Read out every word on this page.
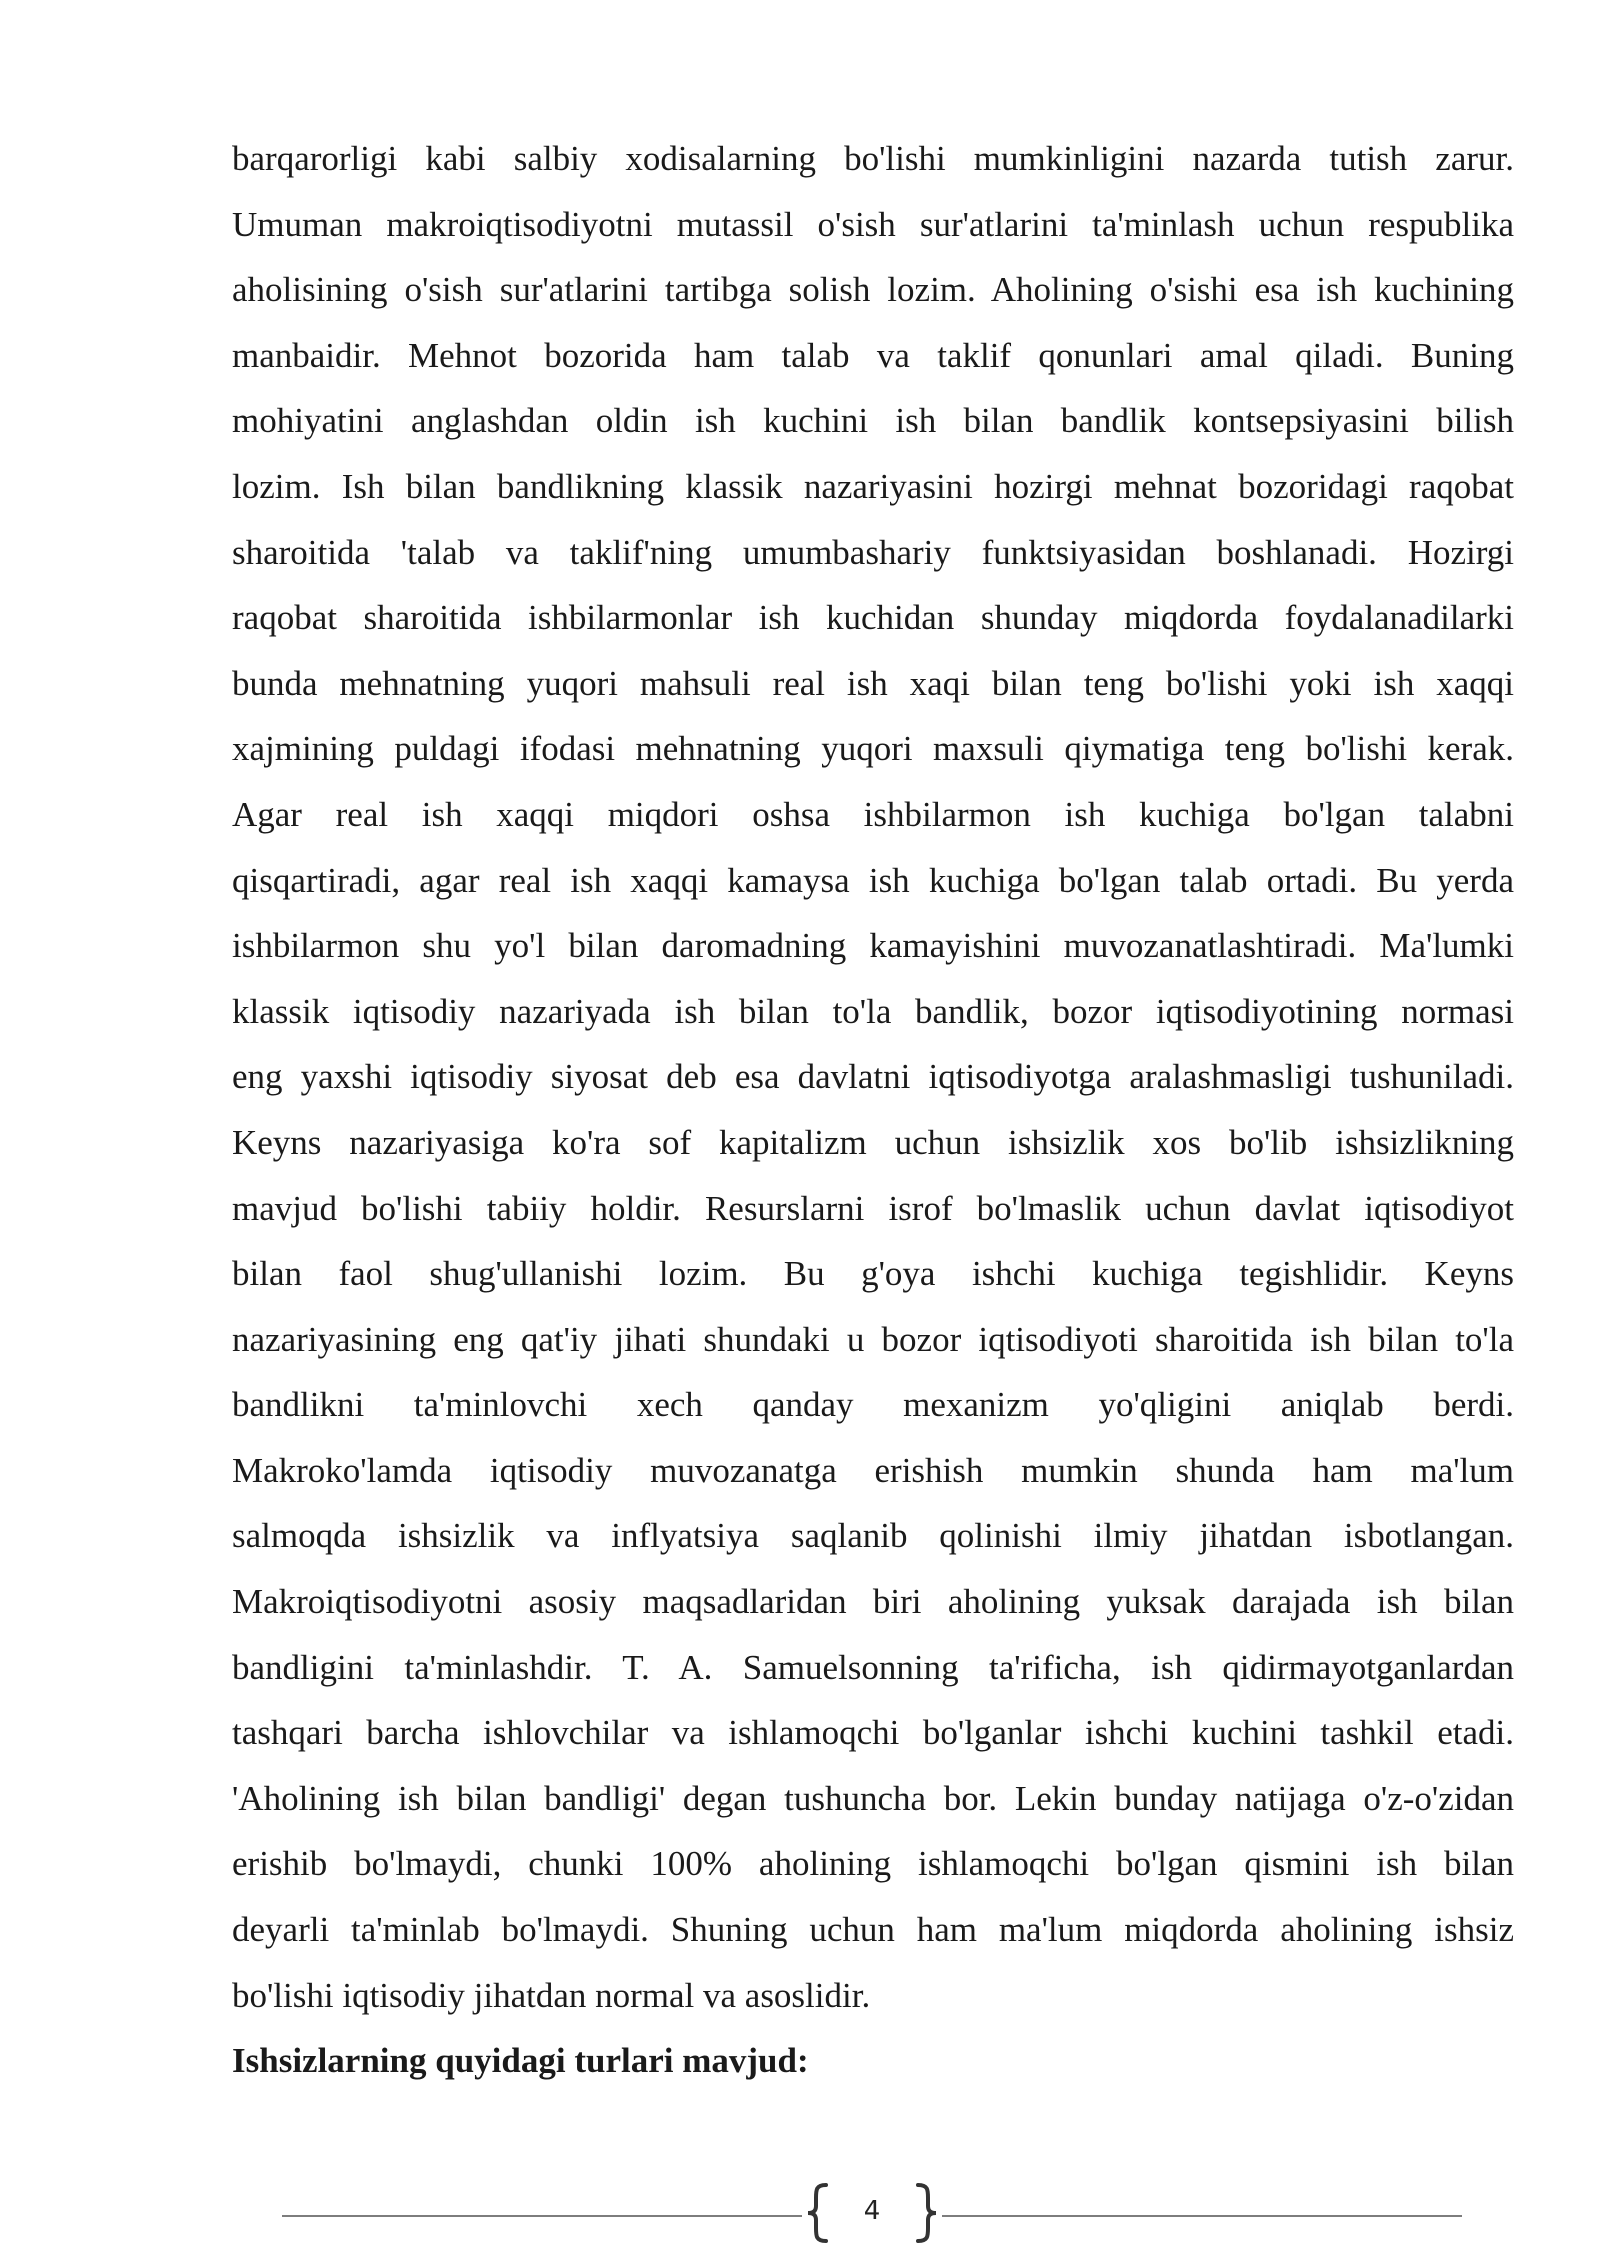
barqarorligi kabi salbiy xodisalarning bo'lishi mumkinligini nazarda tutish zarur.
Umuman makroiqtisodiyotni mutassil o'sish sur'atlarini ta'minlash uchun respublika
aholisining o'sish sur'atlarini tartibga solish lozim. Aholining o'sishi esa ish kuchining
manbaidir. Mehnot bozorida ham talab va taklif qonunlari amal qiladi. Buning
mohiyatini anglashdan oldin ish kuchini ish bilan bandlik kontsepsiyasini bilish
lozim. Ish bilan bandlikning klassik nazariyasini hozirgi mehnat bozoridagi raqobat
sharoitida 'talab va taklif'ning umumbashariy funktsiyasidan boshlanadi. Hozirgi
raqobat sharoitida ishbilarmonlar ish kuchidan shunday miqdorda foydalanadilarki
bunda mehnatning yuqori mahsuli real ish xaqi bilan teng bo'lishi yoki ish xaqqi
xajmining puldagi ifodasi mehnatning yuqori maxsuli qiymatiga teng bo'lishi kerak.
Agar real ish xaqqi miqdori oshsa ishbilarmon ish kuchiga bo'lgan talabni
qisqartiradi, agar real ish xaqqi kamaysa ish kuchiga bo'lgan talab ortadi. Bu yerda
ishbilarmon shu yo'l bilan daromadning kamayishini muvozanatlashtiradi. Ma'lumki
klassik iqtisodiy nazariyada ish bilan to'la bandlik, bozor iqtisodiyotining normasi
eng yaxshi iqtisodiy siyosat deb esa davlatni iqtisodiyotga aralashmasligi tushuniladi.
Keyns nazariyasiga ko'ra sof kapitalizm uchun ishsizlik xos bo'lib ishsizlikning
mavjud bo'lishi tabiiy holdir. Resurslarni isrof bo'lmaslik uchun davlat iqtisodiyot
bilan faol shug'ullanishi lozim. Bu g'oya ishchi kuchiga tegishlidir. Keyns
nazariyasining eng qat'iy jihati shundaki u bozor iqtisodiyoti sharoitida ish bilan to'la
bandlikni ta'minlovchi xech qanday mexanizm yo'qligini aniqlab berdi.
Makroko'lamda iqtisodiy muvozanatga erishish mumkin shunda ham ma'lum
salmoqda ishsizlik va inflyatsiya saqlanib qolinishi ilmiy jihatdan isbotlangan.
Makroiqtisodiyotni asosiy maqsadlaridan biri aholining yuksak darajada ish bilan
bandligini ta'minlashdir. T. A. Samuelsonning ta'rificha, ish qidirmayotganlardan
tashqari barcha ishlovchilar va ishlamoqchi bo'lganlar ishchi kuchini tashkil etadi.
'Aholining ish bilan bandligi' degan tushuncha bor. Lekin bunday natijaga o'z-o'zidan
erishib bo'lmaydi, chunki 100% aholining ishlamoqchi bo'lgan qismini ish bilan
deyarli ta'minlab bo'lmaydi. Shuning uchun ham ma'lum miqdorda aholining ishsiz
bo'lishi iqtisodiy jihatdan normal va asoslidir.
Ishsizlarning quyidagi turlari mavjud:
4
